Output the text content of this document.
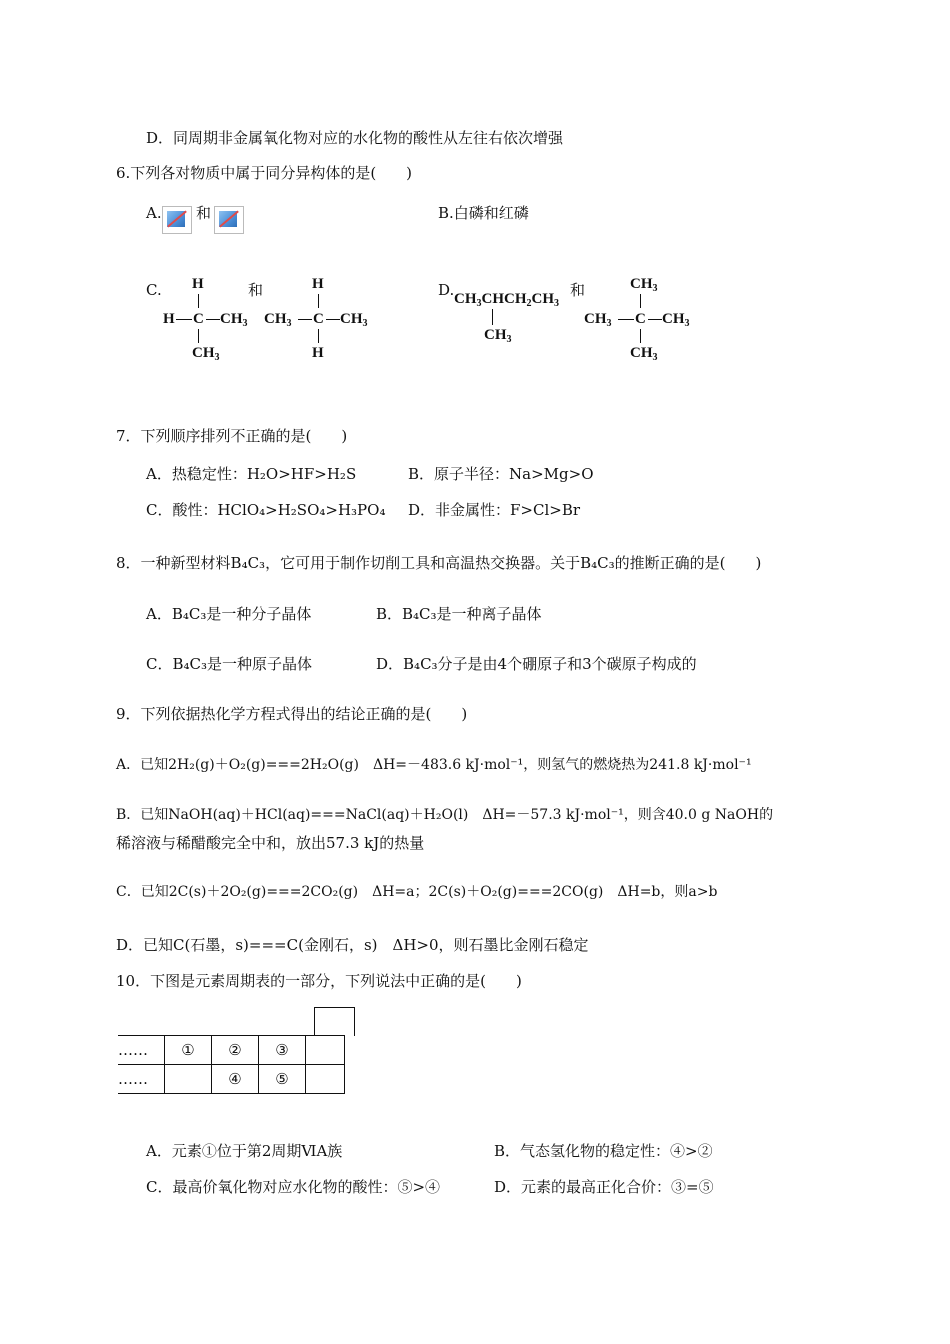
D．同周期非金属氧化物对应的水化物的酸性从左往右依次增强
6.下列各对物质中属于同分异构体的是(　　)
A. 和	B.白磷和红磷
C. H
H C $CH_3$
$CH_3$
和	H
$CH_3$ C $CH_3$
H
D. $CH_3CHCH_2CH_3$
$CH_3$
和	$CH_3$
$CH_3$ C $CH_3$
$CH_3$
7．下列顺序排列不正确的是(　　)
A．热稳定性：H₂O>HF>H₂S	B．原子半径：Na>Mg>O
C．酸性：HClO₄>H₂SO₄>H₃PO₄ D．非金属性：F>Cl>Br
8．一种新型材料B₄C₃，它可用于制作切削工具和高温热交换器。关于B₄C₃的推断正确的是(　　)
A．B₄C₃是一种分子晶体	B．B₄C₃是一种离子晶体
C．B₄C₃是一种原子晶体	D．B₄C₃分子是由4个硼原子和3个碳原子构成的
9．下列依据热化学方程式得出的结论正确的是(　　)
A．已知2H₂(g)＋O₂(g)===2H₂O(g)　ΔH=－483.6 kJ·mol⁻¹，则氢气的燃烧热为241.8 kJ·mol⁻¹
B．已知NaOH(aq)＋HCl(aq)===NaCl(aq)＋H₂O(l)　ΔH=－57.3 kJ·mol⁻¹，则含40.0 g NaOH的
稀溶液与稀醋酸完全中和，放出57.3 kJ的热量
C．已知2C(s)＋2O₂(g)===2CO₂(g)　ΔH=a；2C(s)＋O₂(g)===2CO(g)　ΔH=b，则a>b
D．已知C(石墨，s)===C(金刚石，s)　ΔH>0，则石墨比金刚石稳定
10．下图是元素周期表的一部分，下列说法中正确的是(　　)
……	①	②	③	
……		④	⑤	
A．元素①位于第2周期ⅥA族	B．气态氢化物的稳定性：④>②
C．最高价氧化物对应水化物的酸性：⑤>④	D．元素的最高正化合价：③=⑤
